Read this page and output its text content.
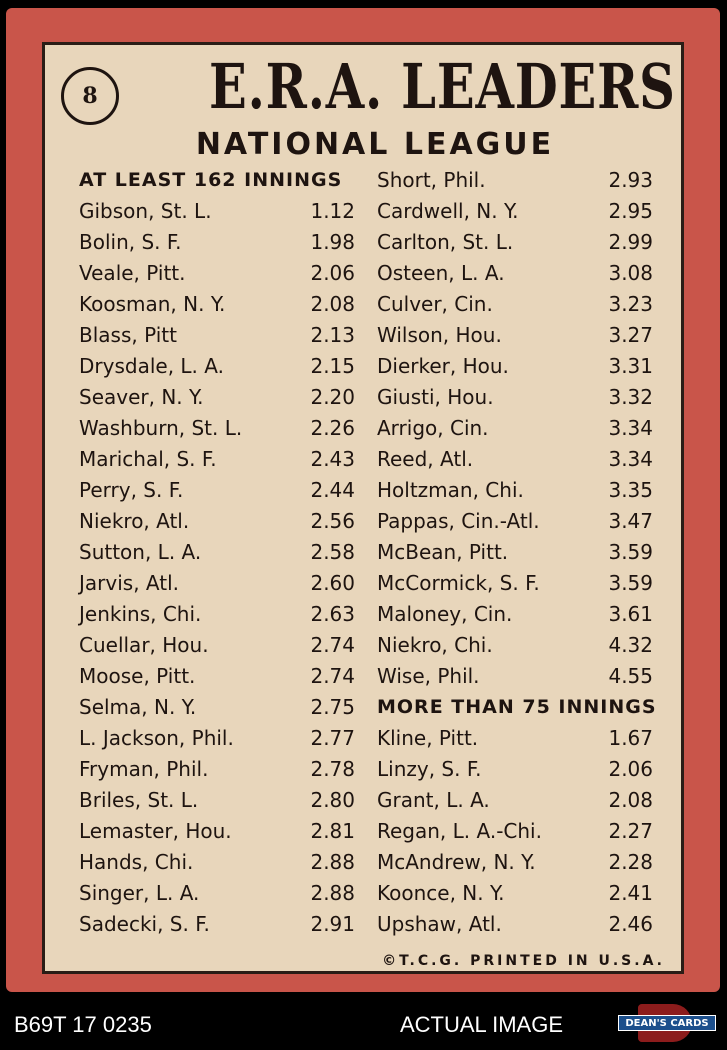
8 E.R.A. LEADERS
NATIONAL LEAGUE
AT LEAST 162 INNINGS
Gibson, St. L.	1.12
Bolin, S. F.	1.98
Veale, Pitt.	2.06
Koosman, N. Y.	2.08
Blass, Pitt	2.13
Drysdale, L. A.	2.15
Seaver, N. Y.	2.20
Washburn, St. L.	2.26
Marichal, S. F.	2.43
Perry, S. F.	2.44
Niekro, Atl.	2.56
Sutton, L. A.	2.58
Jarvis, Atl.	2.60
Jenkins, Chi.	2.63
Cuellar, Hou.	2.74
Moose, Pitt.	2.74
Selma, N. Y.	2.75
L. Jackson, Phil.	2.77
Fryman, Phil.	2.78
Briles, St. L.	2.80
Lemaster, Hou.	2.81
Hands, Chi.	2.88
Singer, L. A.	2.88
Sadecki, S. F.	2.91
Short, Phil.	2.93
Cardwell, N. Y.	2.95
Carlton, St. L.	2.99
Osteen, L. A.	3.08
Culver, Cin.	3.23
Wilson, Hou.	3.27
Dierker, Hou.	3.31
Giusti, Hou.	3.32
Arrigo, Cin.	3.34
Reed, Atl.	3.34
Holtzman, Chi.	3.35
Pappas, Cin.-Atl.	3.47
McBean, Pitt.	3.59
McCormick, S. F.	3.59
Maloney, Cin.	3.61
Niekro, Chi.	4.32
Wise, Phil.	4.55
MORE THAN 75 INNINGS
Kline, Pitt.	1.67
Linzy, S. F.	2.06
Grant, L. A.	2.08
Regan, L. A.-Chi.	2.27
McAndrew, N. Y.	2.28
Koonce, N. Y.	2.41
Upshaw, Atl.	2.46
©T.C.G. PRINTED IN U.S.A.
B69T 17 0235	ACTUAL IMAGE	DEAN'S CARDS
